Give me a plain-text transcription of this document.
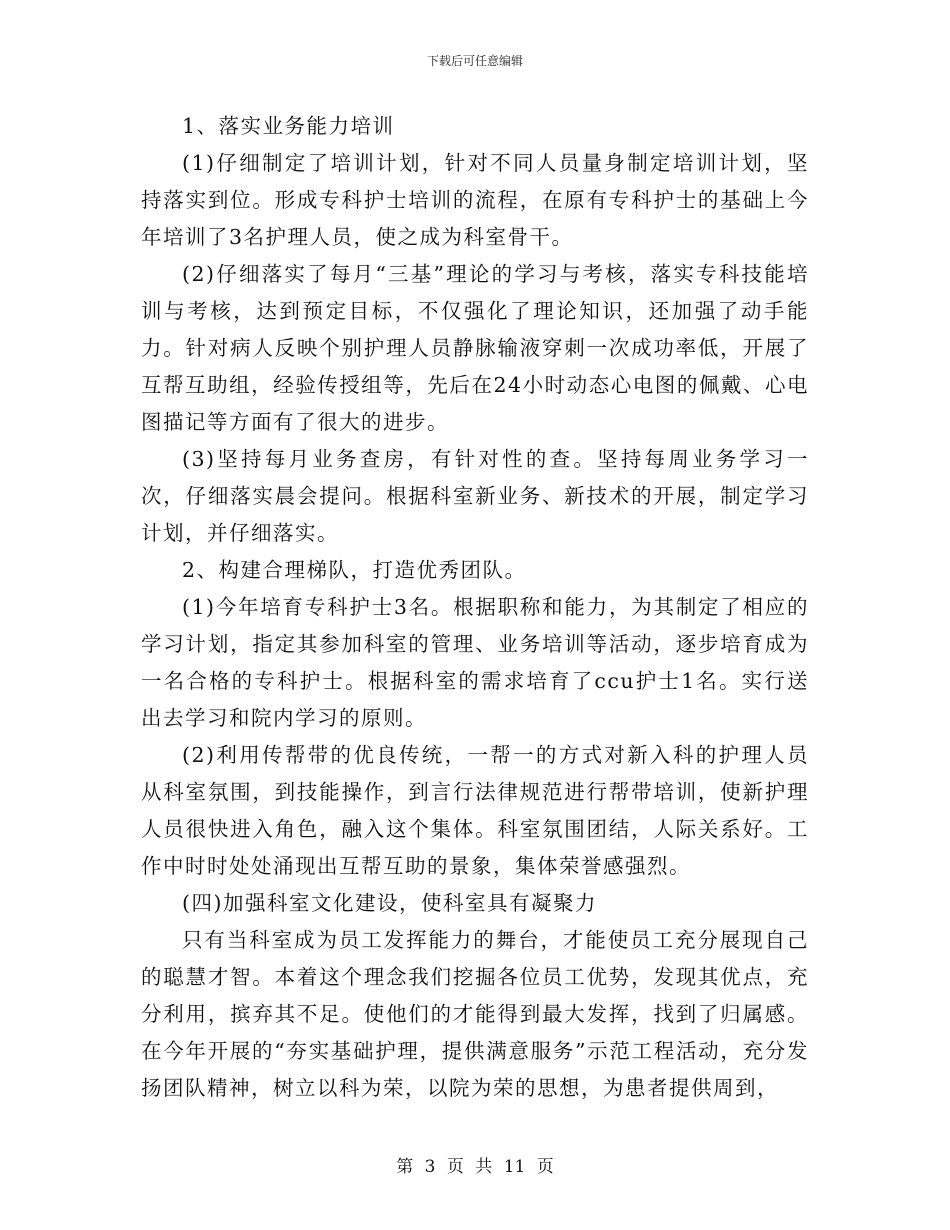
下载后可任意编辑

1、落实业务能力培训

(1)仔细制定了培训计划，针对不同人员量身制定培训计划，坚持落实到位。形成专科护士培训的流程，在原有专科护士的基础上今年培训了3名护理人员，使之成为科室骨干。

(2)仔细落实了每月“三基”理论的学习与考核，落实专科技能培训与考核，达到预定目标，不仅强化了理论知识，还加强了动手能力。针对病人反映个别护理人员静脉输液穿刺一次成功率低，开展了互帮互助组，经验传授组等，先后在24小时动态心电图的佩戴、心电图描记等方面有了很大的进步。

(3)坚持每月业务查房，有针对性的查。坚持每周业务学习一次，仔细落实晨会提问。根据科室新业务、新技术的开展，制定学习计划，并仔细落实。

2、构建合理梯队，打造优秀团队。

(1)今年培育专科护士3名。根据职称和能力，为其制定了相应的学习计划，指定其参加科室的管理、业务培训等活动，逐步培育成为一名合格的专科护士。根据科室的需求培育了ccu护士1名。实行送出去学习和院内学习的原则。

(2)利用传帮带的优良传统，一帮一的方式对新入科的护理人员从科室氛围，到技能操作，到言行法律规范进行帮带培训，使新护理人员很快进入角色，融入这个集体。科室氛围团结，人际关系好。工作中时时处处涌现出互帮互助的景象，集体荣誉感强烈。

(四)加强科室文化建设，使科室具有凝聚力

只有当科室成为员工发挥能力的舞台，才能使员工充分展现自己的聪慧才智。本着这个理念我们挖掘各位员工优势，发现其优点，充分利用，摈弃其不足。使他们的才能得到最大发挥，找到了归属感。在今年开展的“夯实基础护理，提供满意服务”示范工程活动，充分发扬团队精神，树立以科为荣，以院为荣的思想，为患者提供周到，

第 3 页 共 11 页
